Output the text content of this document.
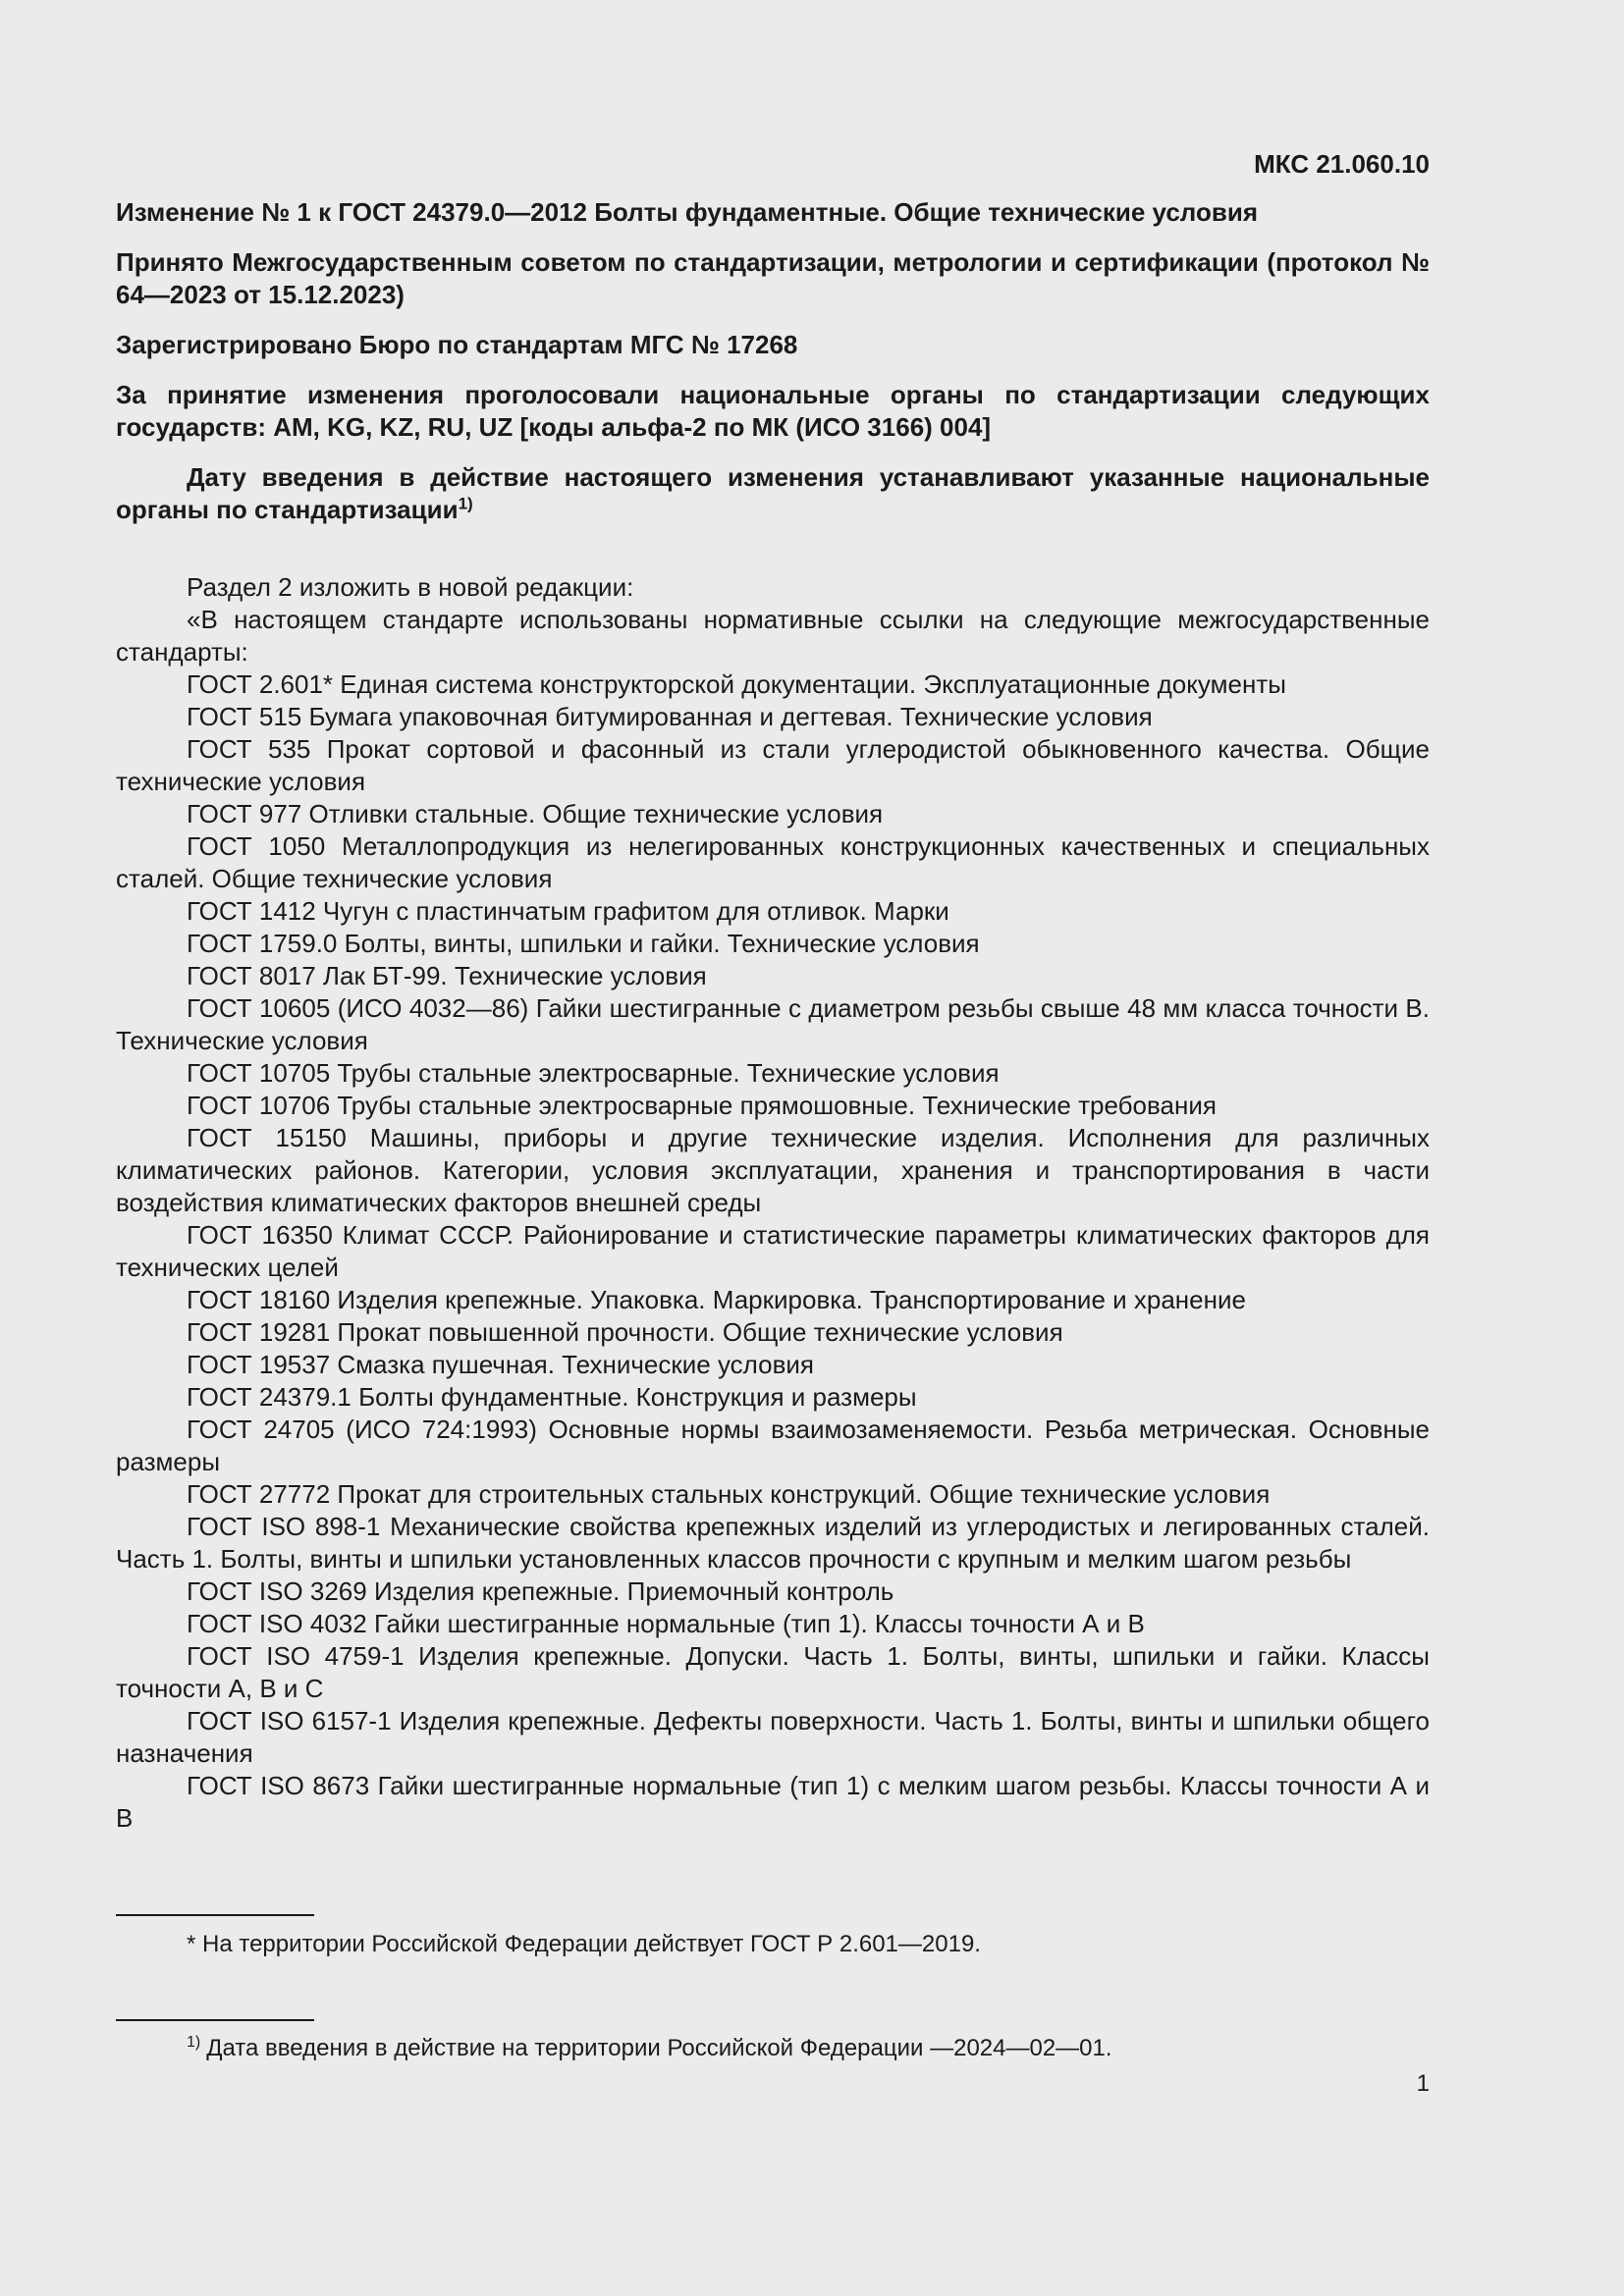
МКС 21.060.10
Изменение № 1 к ГОСТ 24379.0—2012 Болты фундаментные. Общие технические условия
Принято Межгосударственным советом по стандартизации, метрологии и сертификации (протокол № 64—2023 от 15.12.2023)
Зарегистрировано Бюро по стандартам МГС № 17268
За принятие изменения проголосовали национальные органы по стандартизации следующих государств: AM, KG, KZ, RU, UZ [коды альфа-2 по МК (ИСО 3166) 004]
Дату введения в действие настоящего изменения устанавливают указанные национальные органы по стандартизации$^{1)}$

Раздел 2 изложить в новой редакции:

«В настоящем стандарте использованы нормативные ссылки на следующие межгосударственные стандарты:

ГОСТ 2.601* Единая система конструкторской документации. Эксплуатационные документы

ГОСТ 515 Бумага упаковочная битумированная и дегтевая. Технические условия

ГОСТ 535 Прокат сортовой и фасонный из стали углеродистой обыкновенного качества. Общие технические условия

ГОСТ 977 Отливки стальные. Общие технические условия

ГОСТ 1050 Металлопродукция из нелегированных конструкционных качественных и специальных сталей. Общие технические условия

ГОСТ 1412 Чугун с пластинчатым графитом для отливок. Марки

ГОСТ 1759.0 Болты, винты, шпильки и гайки. Технические условия

ГОСТ 8017 Лак БТ-99. Технические условия

ГОСТ 10605 (ИСО 4032—86) Гайки шестигранные с диаметром резьбы свыше 48 мм класса точности В. Технические условия

ГОСТ 10705 Трубы стальные электросварные. Технические условия

ГОСТ 10706 Трубы стальные электросварные прямошовные. Технические требования

ГОСТ 15150 Машины, приборы и другие технические изделия. Исполнения для различных климатических районов. Категории, условия эксплуатации, хранения и транспортирования в части воздействия климатических факторов внешней среды

ГОСТ 16350 Климат СССР. Районирование и статистические параметры климатических факторов для технических целей

ГОСТ 18160 Изделия крепежные. Упаковка. Маркировка. Транспортирование и хранение

ГОСТ 19281 Прокат повышенной прочности. Общие технические условия

ГОСТ 19537 Смазка пушечная. Технические условия

ГОСТ 24379.1 Болты фундаментные. Конструкция и размеры

ГОСТ 24705 (ИСО 724:1993) Основные нормы взаимозаменяемости. Резьба метрическая. Основные размеры

ГОСТ 27772 Прокат для строительных стальных конструкций. Общие технические условия

ГОСТ ISO 898-1 Механические свойства крепежных изделий из углеродистых и легированных сталей. Часть 1. Болты, винты и шпильки установленных классов прочности с крупным и мелким шагом резьбы

ГОСТ ISO 3269 Изделия крепежные. Приемочный контроль

ГОСТ ISO 4032 Гайки шестигранные нормальные (тип 1). Классы точности А и В

ГОСТ ISO 4759-1 Изделия крепежные. Допуски. Часть 1. Болты, винты, шпильки и гайки. Классы точности А, В и С

ГОСТ ISO 6157-1 Изделия крепежные. Дефекты поверхности. Часть 1. Болты, винты и шпильки общего назначения

ГОСТ ISO 8673 Гайки шестигранные нормальные (тип 1) с мелким шагом резьбы. Классы точности А и В

* На территории Российской Федерации действует ГОСТ Р 2.601—2019.
$^{1)}$ Дата введения в действие на территории Российской Федерации —2024—02—01.
1
